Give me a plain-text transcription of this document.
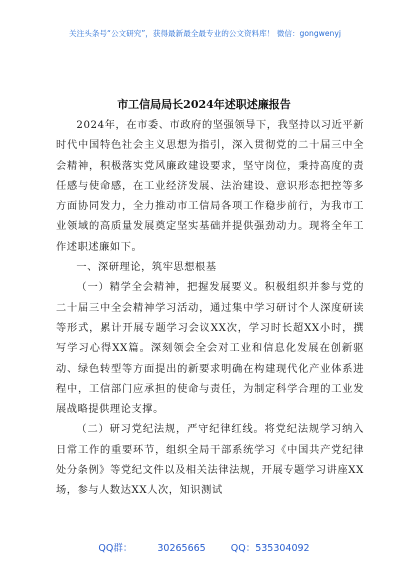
关注头条号“公文研究”，获得最新最全最专业的公文资料库！ 微信：gongwenyj
市工信局局长2024年述职述廉报告

2024年，在市委、市政府的坚强领导下，我坚持以习近平新时代中国特色社会主义思想为指引，深入贯彻党的二十届三中全会精神，积极落实党风廉政建设要求，坚守岗位，秉持高度的责任感与使命感，在工业经济发展、法治建设、意识形态把控等多方面协同发力，全力推动市工信局各项工作稳步前行，为我市工业领域的高质量发展奠定坚实基础并提供强劲动力。现将全年工作述职述廉如下。

一、深研理论，筑牢思想根基

（一）精学全会精神，把握发展要义。积极组织并参与党的二十届三中全会精神学习活动，通过集中学习研讨个人深度研读等形式，累计开展专题学习会议XX次，学习时长超XX小时，撰写学习心得XX篇。深刻领会全会对工业和信息化发展在创新驱动、绿色转型等方面提出的新要求明确在构建现代化产业体系进程中，工信部门应承担的使命与责任，为制定科学合理的工业发展战略提供理论支撑。

（二）研习党纪法规，严守纪律红线。将党纪法规学习纳入日常工作的重要环节，组织全局干部系统学习《中国共产党纪律处分条例》等党纪文件以及相关法律法规，开展专题学习讲座XX场，参与人数达XX人次，知识测试

QQ群： 30265665	QQ：535304092
